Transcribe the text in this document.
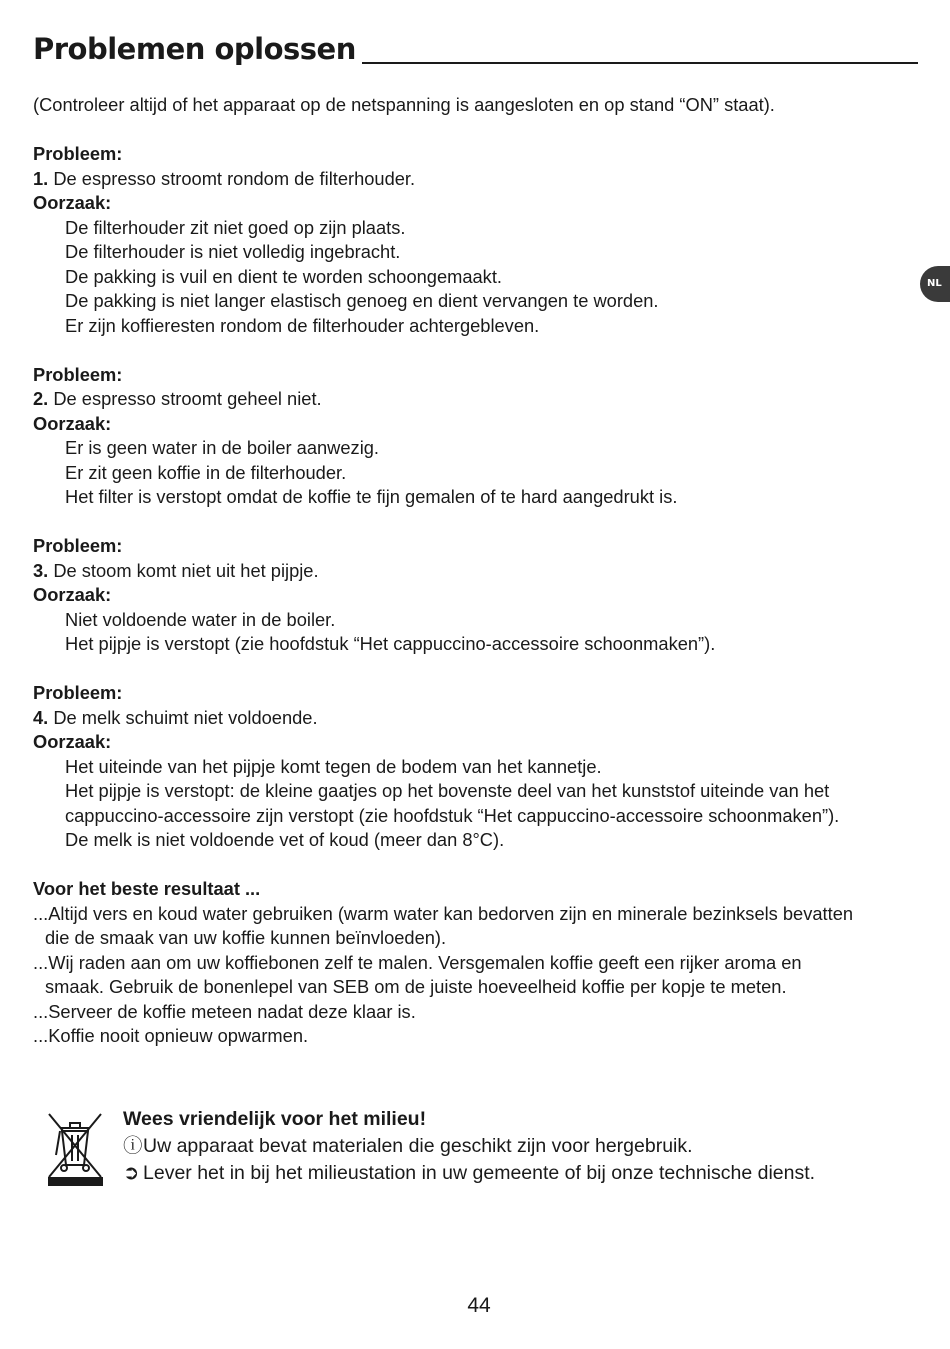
Problemen oplossen
NL
(Controleer altijd of het apparaat op de netspanning is aangesloten en op stand “ON” staat).
Probleem:
1. De espresso stroomt rondom de filterhouder.
Oorzaak:
De filterhouder zit niet goed op zijn plaats.
De filterhouder is niet volledig ingebracht.
De pakking is vuil en dient te worden schoongemaakt.
De pakking is niet langer elastisch genoeg en dient vervangen te worden.
Er zijn koffieresten rondom de filterhouder achtergebleven.
Probleem:
2. De espresso stroomt geheel niet.
Oorzaak:
Er is geen water in de boiler aanwezig.
Er zit geen koffie in de filterhouder.
Het filter is verstopt omdat de koffie te fijn gemalen of te hard aangedrukt is.
Probleem:
3. De stoom komt niet uit het pijpje.
Oorzaak:
Niet voldoende water in de boiler.
Het pijpje is verstopt (zie hoofdstuk “Het cappuccino-accessoire schoonmaken”).
Probleem:
4. De melk schuimt niet voldoende.
Oorzaak:
Het uiteinde van het pijpje komt tegen de bodem van het kannetje.
Het pijpje is verstopt: de kleine gaatjes op het bovenste deel van het kunststof uiteinde van het
cappuccino-accessoire zijn verstopt (zie hoofdstuk “Het cappuccino-accessoire schoonmaken”).
De melk is niet voldoende vet of koud (meer dan 8°C).
Voor het beste resultaat ...
...Altijd vers en koud water gebruiken (warm water kan bedorven zijn en minerale bezinksels bevatten
die de smaak van uw koffie kunnen beïnvloeden).
...Wij raden aan om uw koffiebonen zelf te malen. Versgemalen koffie geeft een rijker aroma en
smaak. Gebruik de bonenlepel van SEB om de juiste hoeveelheid koffie per kopje te meten.
...Serveer de koffie meteen nadat deze klaar is.
...Koffie nooit opnieuw opwarmen.
Wees vriendelijk voor het milieu!
ⓘUw apparaat bevat materialen die geschikt zijn voor hergebruik.
➲ Lever het in bij het milieustation in uw gemeente of bij onze technische dienst.
44
